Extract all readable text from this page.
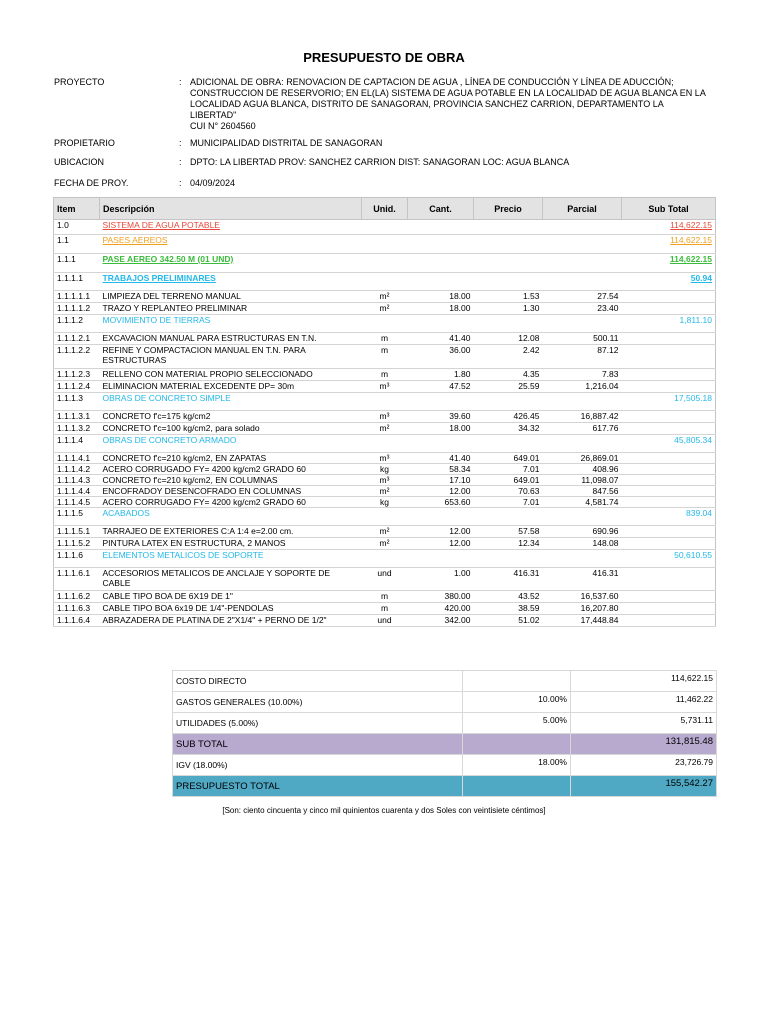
PRESUPUESTO DE OBRA
PROYECTO	: ADICIONAL DE OBRA: RENOVACION DE CAPTACION DE AGUA , LÍNEA DE CONDUCCIÓN Y LÍNEA DE ADUCCIÓN;
CONSTRUCCION DE RESERVORIO; EN EL(LA) SISTEMA DE AGUA POTABLE EN LA LOCALIDAD DE AGUA BLANCA EN LA
LOCALIDAD AGUA BLANCA, DISTRITO DE SANAGORAN, PROVINCIA SANCHEZ CARRION, DEPARTAMENTO LA LIBERTAD"
CUI N° 2604560
PROPIETARIO	: MUNICIPALIDAD DISTRITAL DE SANAGORAN
UBICACION	: DPTO: LA LIBERTAD PROV: SANCHEZ CARRION DIST: SANAGORAN LOC: AGUA BLANCA
FECHA DE PROY.	: 04/09/2024
Item	Descripción	Unid.	Cant.	Precio	Parcial	Sub Total
1.0	SISTEMA DE AGUA POTABLE					114,622.15
1.1	PASES AEREOS					114,622.15
1.1.1	PASE AEREO 342.50 M (01 UND)					114,622.15
1.1.1.1	TRABAJOS PRELIMINARES					50.94
1.1.1.1.1	LIMPIEZA DEL TERRENO MANUAL	m²	18.00	1.53	27.54	
1.1.1.1.2	TRAZO Y REPLANTEO PRELIMINAR	m²	18.00	1.30	23.40	
1.1.1.2	MOVIMIENTO DE TIERRAS					1,811.10
1.1.1.2.1	EXCAVACION MANUAL PARA ESTRUCTURAS EN T.N.	m	41.40	12.08	500.11	
1.1.1.2.2	REFINE Y COMPACTACION MANUAL EN T.N. PARA ESTRUCTURAS	m	36.00	2.42	87.12	
1.1.1.2.3	RELLENO CON MATERIAL PROPIO SELECCIONADO	m	1.80	4.35	7.83	
1.1.1.2.4	ELIMINACION MATERIAL EXCEDENTE DP= 30m	m³	47.52	25.59	1,216.04	
1.1.1.3	OBRAS DE CONCRETO SIMPLE					17,505.18
1.1.1.3.1	CONCRETO f'c=175 kg/cm2	m³	39.60	426.45	16,887.42	
1.1.1.3.2	CONCRETO f'c=100 kg/cm2, para solado	m²	18.00	34.32	617.76	
1.1.1.4	OBRAS DE CONCRETO ARMADO					45,805.34
1.1.1.4.1	CONCRETO f'c=210 kg/cm2, EN ZAPATAS	m³	41.40	649.01	26,869.01	
1.1.1.4.2	ACERO CORRUGADO FY= 4200 kg/cm2 GRADO 60	kg	58.34	7.01	408.96	
1.1.1.4.3	CONCRETO f'c=210 kg/cm2, EN COLUMNAS	m³	17.10	649.01	11,098.07	
1.1.1.4.4	ENCOFRADOY DESENCOFRADO EN COLUMNAS	m²	12.00	70.63	847.56	
1.1.1.4.5	ACERO CORRUGADO FY= 4200 kg/cm2 GRADO 60	kg	653.60	7.01	4,581.74	
1.1.1.5	ACABADOS					839.04
1.1.1.5.1	TARRAJEO DE EXTERIORES C:A 1:4 e=2.00 cm.	m²	12.00	57.58	690.96	
1.1.1.5.2	PINTURA LATEX EN ESTRUCTURA, 2 MANOS	m²	12.00	12.34	148.08	
1.1.1.6	ELEMENTOS METALICOS DE SOPORTE					50,610.55
1.1.1.6.1	ACCESORIOS METALICOS DE ANCLAJE Y SOPORTE DE CABLE	und	1.00	416.31	416.31	
1.1.1.6.2	CABLE TIPO BOA DE 6X19 DE 1"	m	380.00	43.52	16,537.60	
1.1.1.6.3	CABLE TIPO BOA 6x19 DE 1/4"-PENDOLAS	m	420.00	38.59	16,207.80	
1.1.1.6.4	ABRAZADERA DE PLATINA DE 2"X1/4" + PERNO DE 1/2"	und	342.00	51.02	17,448.84	
COSTO DIRECTO		114,622.15
GASTOS GENERALES (10.00%)	10.00%	11,462.22
UTILIDADES (5.00%)	5.00%	5,731.11
SUB TOTAL		131,815.48
IGV (18.00%)	18.00%	23,726.79
PRESUPUESTO TOTAL		155,542.27
[Son: ciento cincuenta y cinco mil quinientos cuarenta y dos Soles con veintisiete céntimos]
